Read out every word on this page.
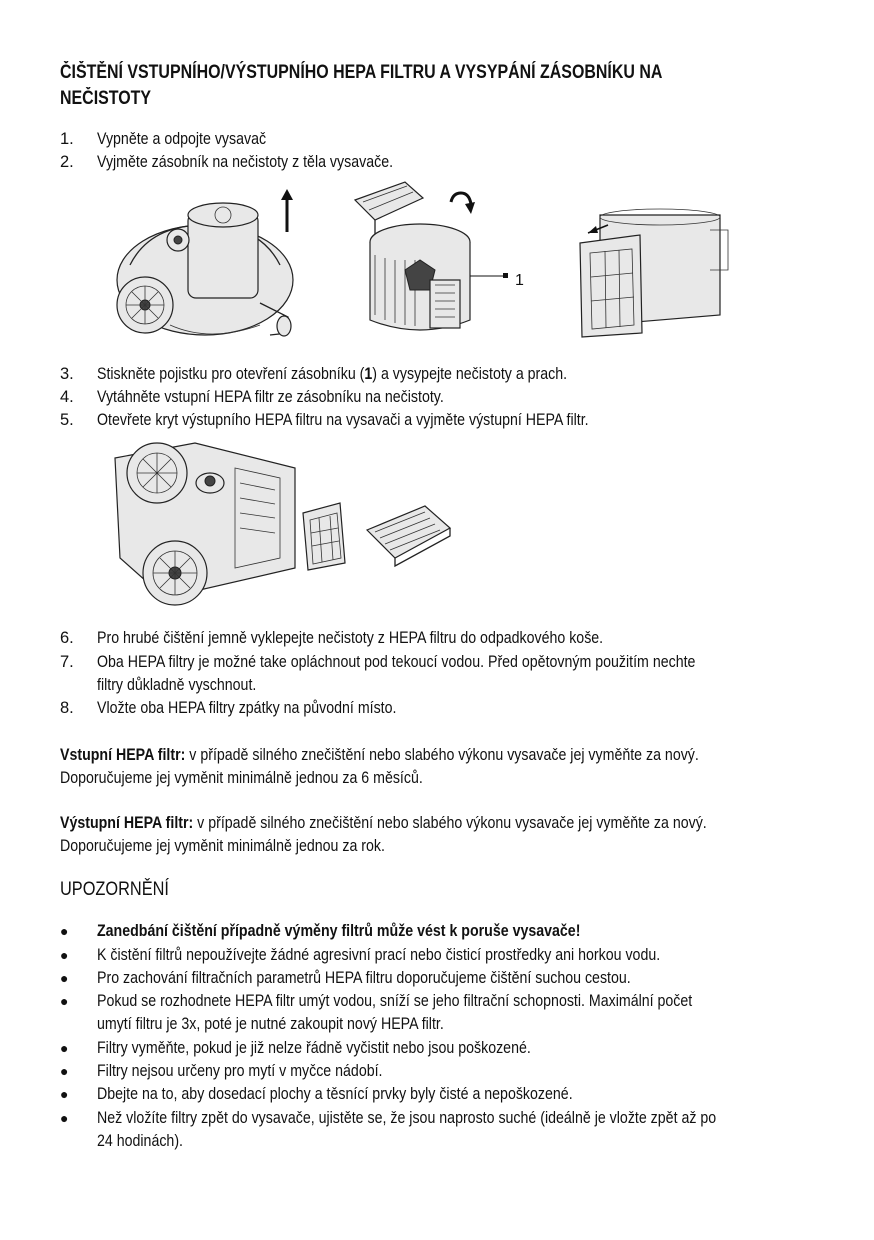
ČIŠTĚNÍ VSTUPNÍHO/VÝSTUPNÍHO HEPA FILTRU A VYSYPÁNÍ ZÁSOBNÍKU NA
NEČISTOTY
1. Vypněte a odpojte vysavač
2. Vyjměte zásobník na nečistoty z těla vysavače.
1
3. Stiskněte pojistku pro otevření zásobníku (1) a vysypejte nečistoty a prach.
4. Vytáhněte vstupní HEPA filtr ze zásobníku na nečistoty.
5. Otevřete kryt výstupního HEPA filtru na vysavači a vyjměte výstupní HEPA filtr.
6. Pro hrubé čištění jemně vyklepejte nečistoty z HEPA filtru do odpadkového koše.
7. Oba HEPA filtry je možné take opláchnout pod tekoucí vodou. Před opětovným použitím nechte
filtry důkladně vyschnout.
8. Vložte oba HEPA filtry zpátky na původní místo.
Vstupní HEPA filtr: v případě silného znečištění nebo slabého výkonu vysavače jej vyměňte za nový.
Doporučujeme jej vyměnit minimálně jednou za 6 měsíců.
Výstupní HEPA filtr: v případě silného znečištění nebo slabého výkonu vysavače jej vyměňte za nový.
Doporučujeme jej vyměnit minimálně jednou za rok.
UPOZORNĚNÍ
● Zanedbání čištění případně výměny filtrů může vést k poruše vysavače!
● K čistění filtrů nepoužívejte žádné agresivní prací nebo čisticí prostředky ani horkou vodu.
● Pro zachování filtračních parametrů HEPA filtru doporučujeme čištění suchou cestou.
● Pokud se rozhodnete HEPA filtr umýt vodou, sníží se jeho filtrační schopnosti. Maximální počet
umytí filtru je 3x, poté je nutné zakoupit nový HEPA filtr.
● Filtry vyměňte, pokud je již nelze řádně vyčistit nebo jsou poškozené.
● Filtry nejsou určeny pro mytí v myčce nádobí.
● Dbejte na to, aby dosedací plochy a těsnící prvky byly čisté a nepoškozené.
● Než vložíte filtry zpět do vysavače, ujistěte se, že jsou naprosto suché (ideálně je vložte zpět až po
24 hodinách).
